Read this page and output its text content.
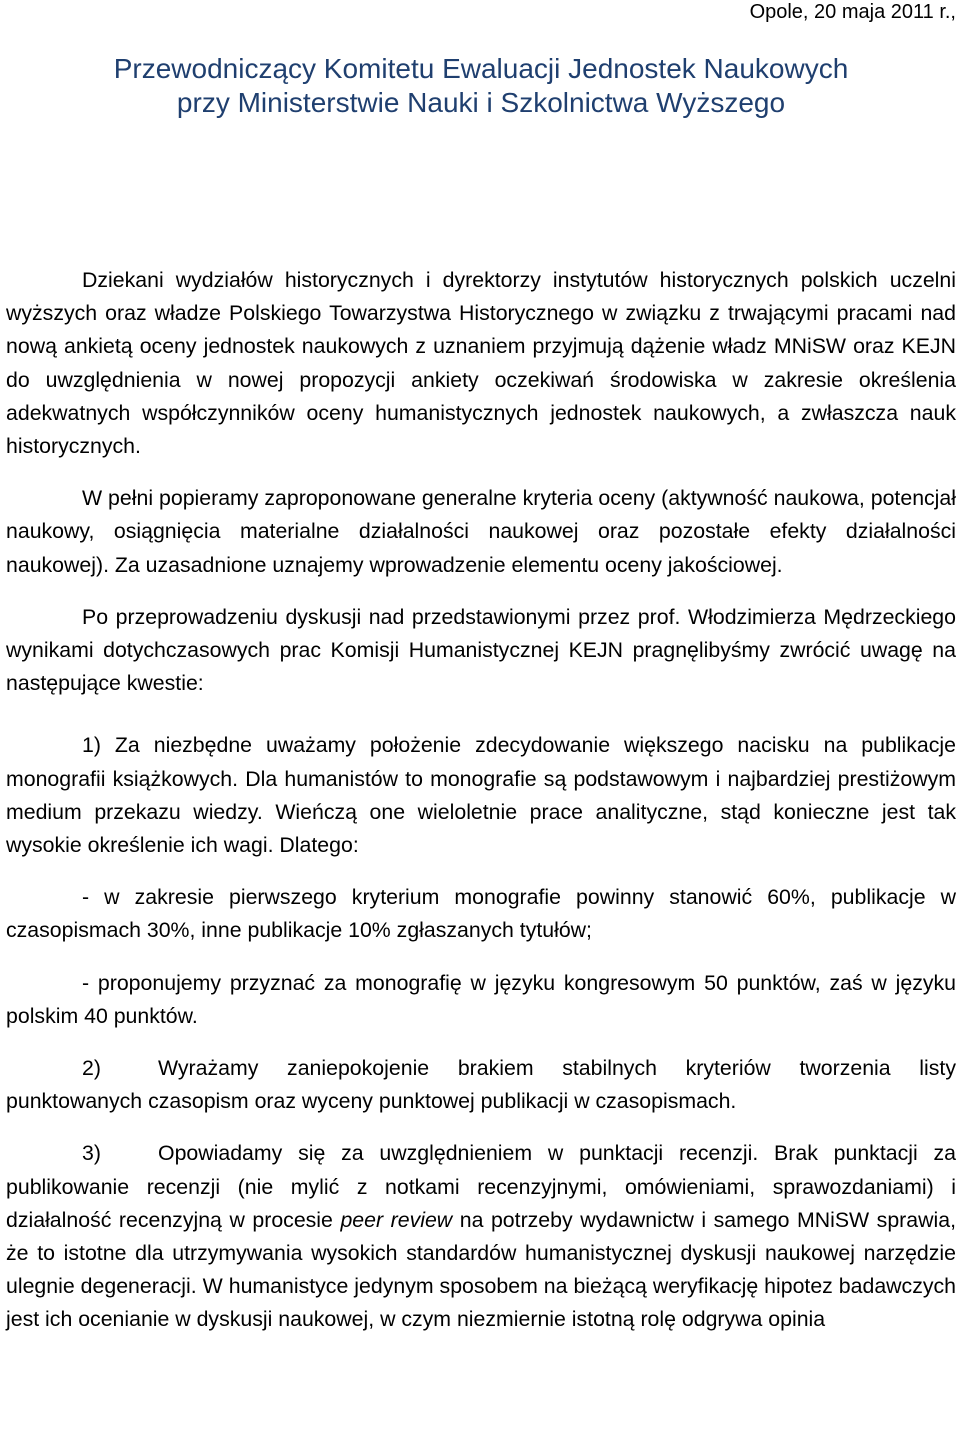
Opole, 20 maja 2011 r.,
Przewodniczący Komitetu Ewaluacji Jednostek Naukowych
przy Ministerstwie Nauki i Szkolnictwa Wyższego

Dziekani wydziałów historycznych i dyrektorzy instytutów historycznych polskich uczelni wyższych oraz władze Polskiego Towarzystwa Historycznego w związku z trwającymi pracami nad nową ankietą oceny jednostek naukowych z uznaniem przyjmują dążenie władz MNiSW oraz KEJN do uwzględnienia w nowej propozycji ankiety oczekiwań środowiska w zakresie określenia adekwatnych współczynników oceny humanistycznych jednostek naukowych, a zwłaszcza nauk historycznych.

W pełni popieramy zaproponowane generalne kryteria oceny (aktywność naukowa, potencjał naukowy, osiągnięcia materialne działalności naukowej oraz pozostałe efekty działalności naukowej). Za uzasadnione uznajemy wprowadzenie elementu oceny jakościowej.

Po przeprowadzeniu dyskusji nad przedstawionymi przez prof. Włodzimierza Mędrzeckiego wynikami dotychczasowych prac Komisji Humanistycznej KEJN pragnęlibyśmy zwrócić uwagę na następujące kwestie:

1) Za niezbędne uważamy położenie zdecydowanie większego nacisku na publikacje monografii książkowych. Dla humanistów to monografie są podstawowym i najbardziej prestiżowym medium przekazu wiedzy. Wieńczą one wieloletnie prace analityczne, stąd konieczne jest tak wysokie określenie ich wagi. Dlatego:

- w zakresie pierwszego kryterium monografie powinny stanowić 60%, publikacje w czasopismach 30%, inne publikacje 10% zgłaszanych tytułów;

- proponujemy przyznać za monografię w języku kongresowym 50 punktów, zaś w języku polskim 40 punktów.

2)	Wyrażamy zaniepokojenie brakiem stabilnych kryteriów tworzenia listy punktowanych czasopism oraz wyceny punktowej publikacji w czasopismach.

3)	Opowiadamy się za uwzględnieniem w punktacji recenzji. Brak punktacji za publikowanie recenzji (nie mylić z notkami recenzyjnymi, omówieniami, sprawozdaniami) i działalność recenzyjną w procesie peer review na potrzeby wydawnictw i samego MNiSW sprawia, że to istotne dla utrzymywania wysokich standardów humanistycznej dyskusji naukowej narzędzie ulegnie degeneracji. W humanistyce jedynym sposobem na bieżącą weryfikację hipotez badawczych jest ich ocenianie w dyskusji naukowej, w czym niezmiernie istotną rolę odgrywa opinia
